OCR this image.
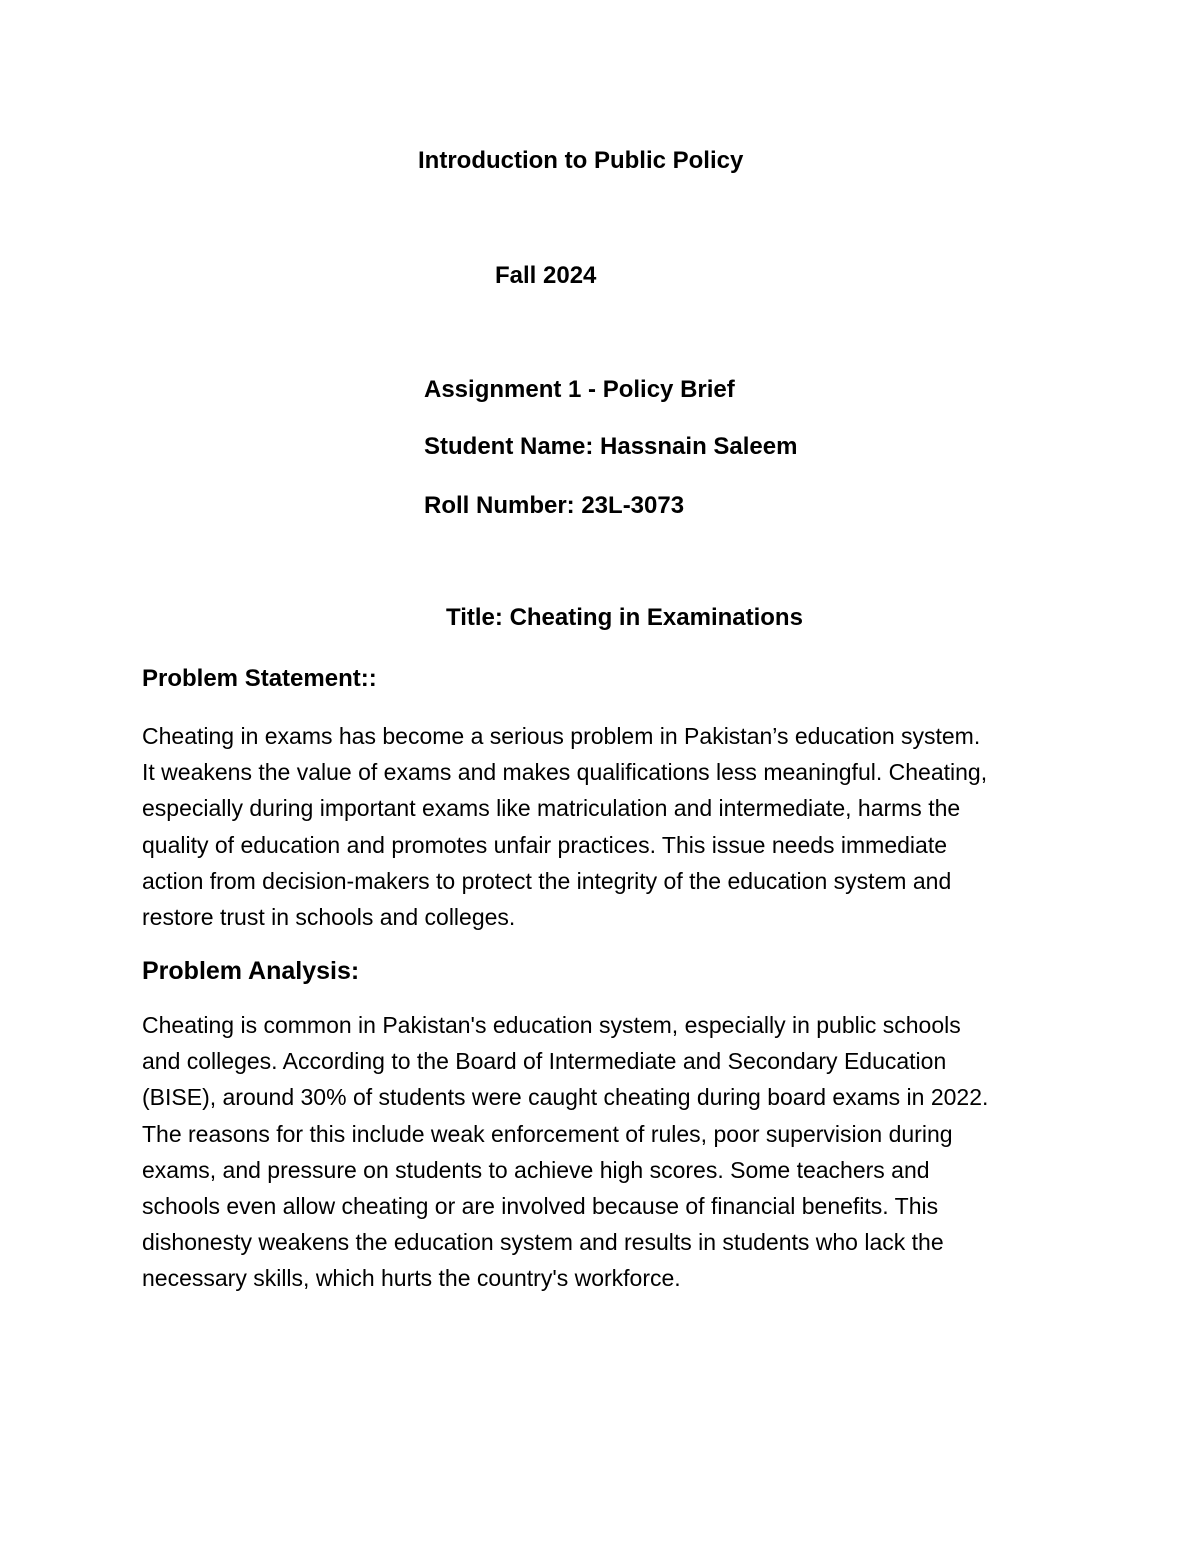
Introduction to Public Policy
Fall 2024
Assignment 1 - Policy Brief
Student Name: Hassnain Saleem
Roll Number: 23L-3073
Title: Cheating in Examinations
Problem Statement::
Cheating in exams has become a serious problem in Pakistan’s education system.
It weakens the value of exams and makes qualifications less meaningful. Cheating,
especially during important exams like matriculation and intermediate, harms the
quality of education and promotes unfair practices. This issue needs immediate
action from decision-makers to protect the integrity of the education system and
restore trust in schools and colleges.
Problem Analysis:
Cheating is common in Pakistan's education system, especially in public schools
and colleges. According to the Board of Intermediate and Secondary Education
(BISE), around 30% of students were caught cheating during board exams in 2022.
The reasons for this include weak enforcement of rules, poor supervision during
exams, and pressure on students to achieve high scores. Some teachers and
schools even allow cheating or are involved because of financial benefits. This
dishonesty weakens the education system and results in students who lack the
necessary skills, which hurts the country's workforce.
